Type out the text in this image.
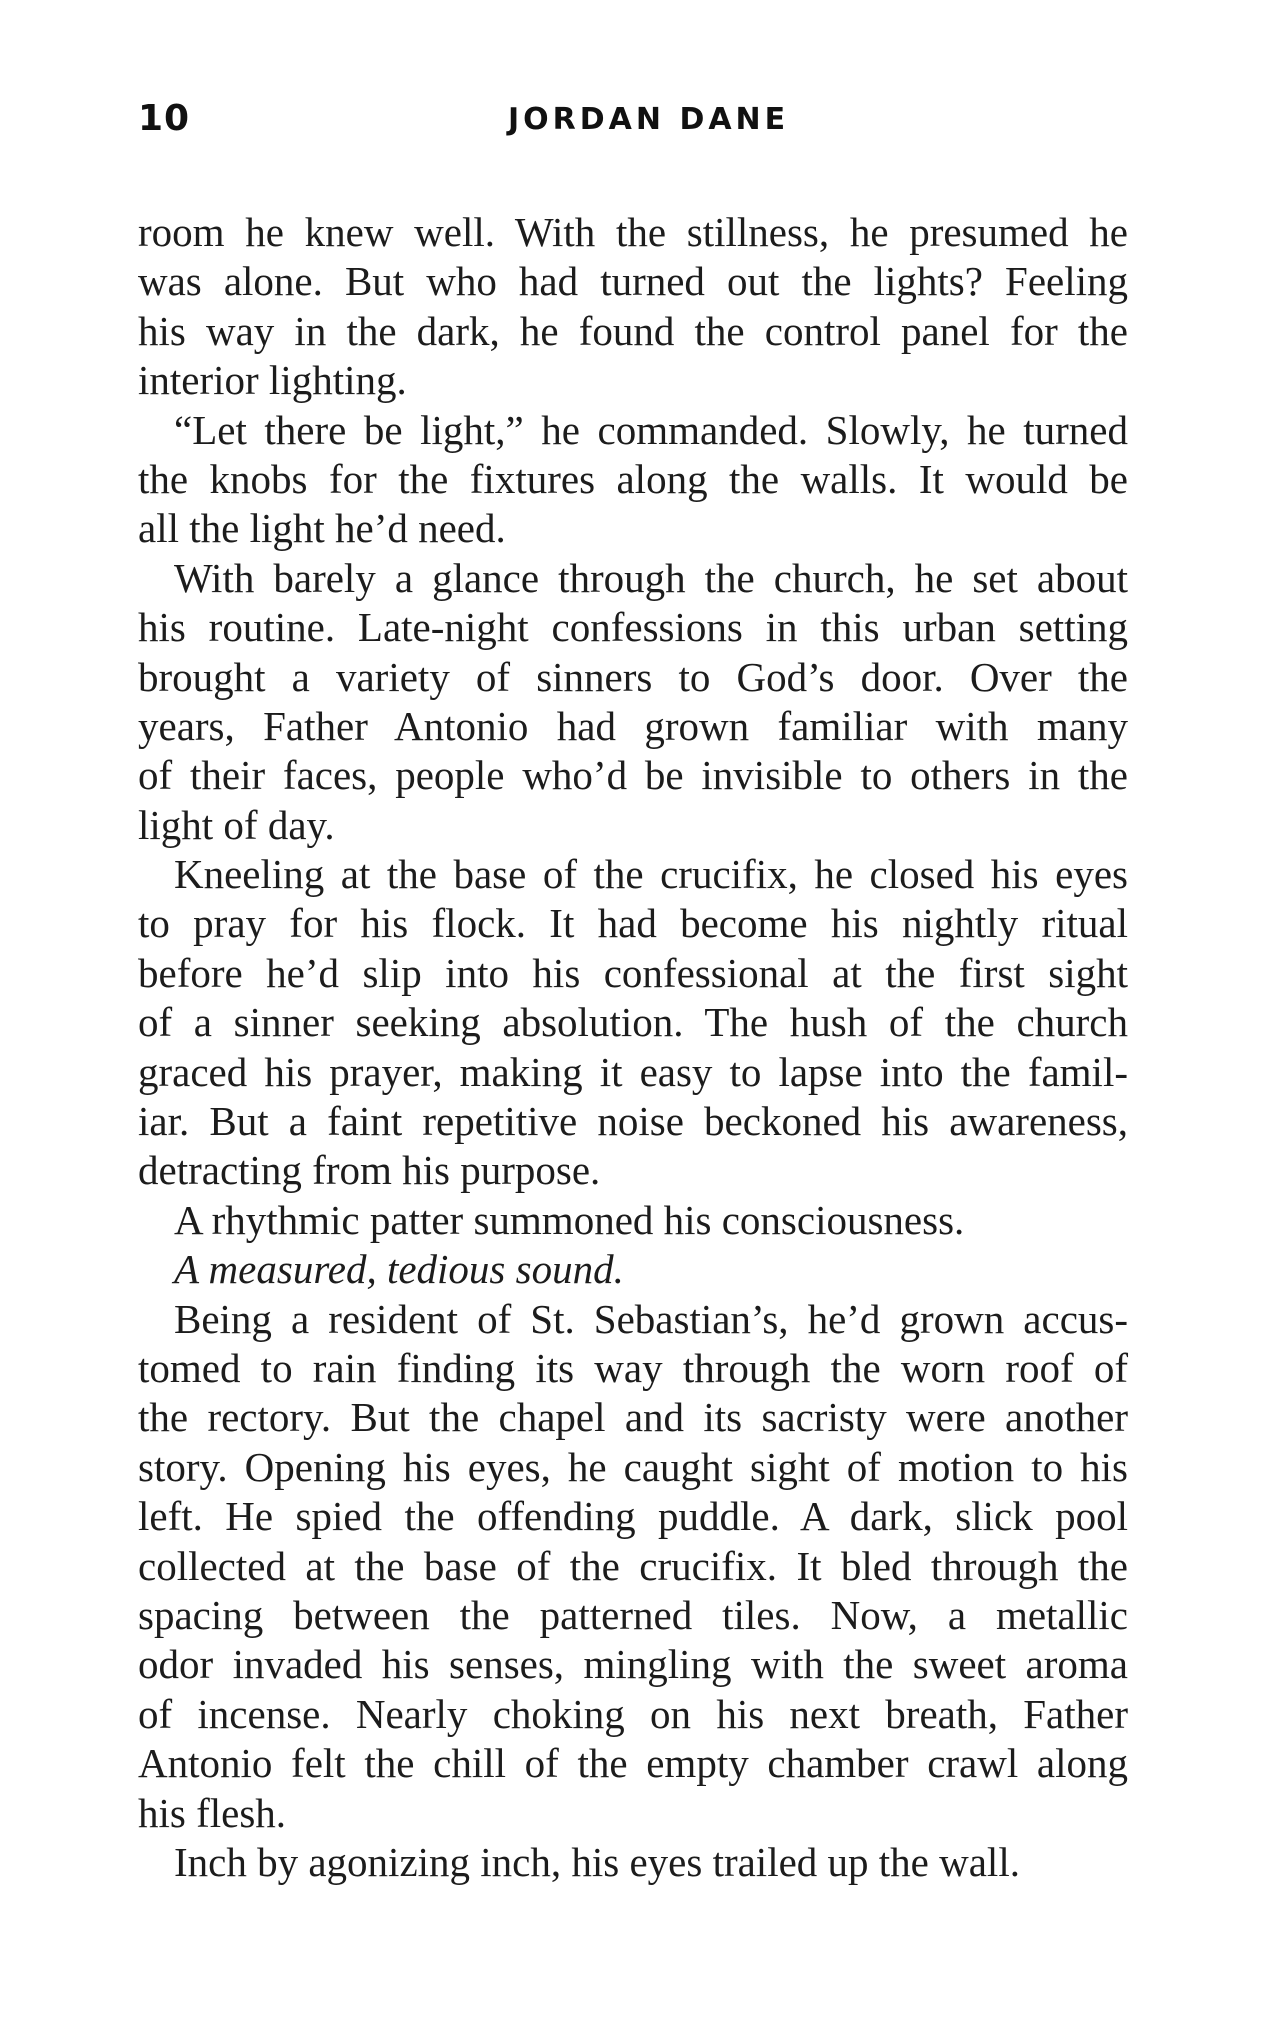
10	JORDAN DANE
room he knew well. With the stillness, he presumed he
was alone. But who had turned out the lights? Feeling
his way in the dark, he found the control panel for the
interior lighting.
“Let there be light,” he commanded. Slowly, he turned
the knobs for the fixtures along the walls. It would be
all the light he’d need.
With barely a glance through the church, he set about
his routine. Late-night confessions in this urban setting
brought a variety of sinners to God’s door. Over the
years, Father Antonio had grown familiar with many
of their faces, people who’d be invisible to others in the
light of day.
Kneeling at the base of the crucifix, he closed his eyes
to pray for his flock. It had become his nightly ritual
before he’d slip into his confessional at the first sight
of a sinner seeking absolution. The hush of the church
graced his prayer, making it easy to lapse into the famil-
iar. But a faint repetitive noise beckoned his awareness,
detracting from his purpose.
A rhythmic patter summoned his consciousness.
A measured, tedious sound.
Being a resident of St. Sebastian’s, he’d grown accus-
tomed to rain finding its way through the worn roof of
the rectory. But the chapel and its sacristy were another
story. Opening his eyes, he caught sight of motion to his
left. He spied the offending puddle. A dark, slick pool
collected at the base of the crucifix. It bled through the
spacing between the patterned tiles. Now, a metallic
odor invaded his senses, mingling with the sweet aroma
of incense. Nearly choking on his next breath, Father
Antonio felt the chill of the empty chamber crawl along
his flesh.
Inch by agonizing inch, his eyes trailed up the wall.
